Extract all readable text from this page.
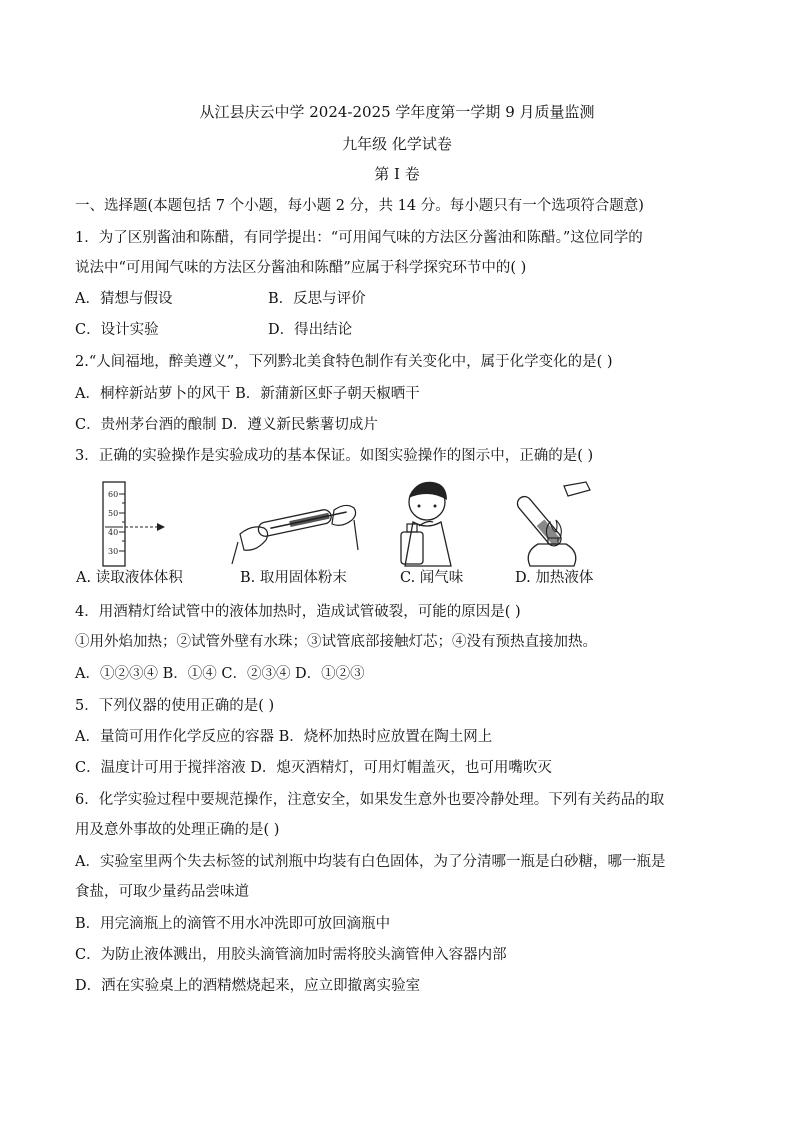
从江县庆云中学 2024-2025 学年度第一学期 9 月质量监测
九年级 化学试卷
第 I 卷
一、选择题(本题包括 7 个小题，每小题 2 分，共 14 分。每小题只有一个选项符合题意)
1．为了区别酱油和陈醋，有同学提出：“可用闻气味的方法区分酱油和陈醋。”这位同学的
说法中“可用闻气味的方法区分酱油和陈醋”应属于科学探究环节中的( )
A．猜想与假设	B．反思与评价
C．设计实验	D．得出结论
2.“人间福地，醉美遵义”，下列黔北美食特色制作有关变化中，属于化学变化的是( )
A．桐梓新站萝卜的风干 B．新蒲新区虾子朝天椒晒干
C．贵州茅台酒的酿制 D．遵义新民紫薯切成片
3．正确的实验操作是实验成功的基本保证。如图实验操作的图示中，正确的是( )
60
50
40
30
A. 读取液体体积	B. 取用固体粉末	C. 闻气味	D. 加热液体
4．用酒精灯给试管中的液体加热时，造成试管破裂，可能的原因是( )
①用外焰加热；②试管外壁有水珠；③试管底部接触灯芯；④没有预热直接加热。
A．①②③④ B．①④ C．②③④ D．①②③
5．下列仪器的使用正确的是( )
A．量筒可用作化学反应的容器 B．烧杯加热时应放置在陶土网上
C．温度计可用于搅拌溶液 D．熄灭酒精灯，可用灯帽盖灭，也可用嘴吹灭
6．化学实验过程中要规范操作，注意安全，如果发生意外也要冷静处理。下列有关药品的取
用及意外事故的处理正确的是( )
A．实验室里两个失去标签的试剂瓶中均装有白色固体，为了分清哪一瓶是白砂糖，哪一瓶是
食盐，可取少量药品尝味道
B．用完滴瓶上的滴管不用水冲洗即可放回滴瓶中
C．为防止液体溅出，用胶头滴管滴加时需将胶头滴管伸入容器内部
D．洒在实验桌上的酒精燃烧起来，应立即撤离实验室
